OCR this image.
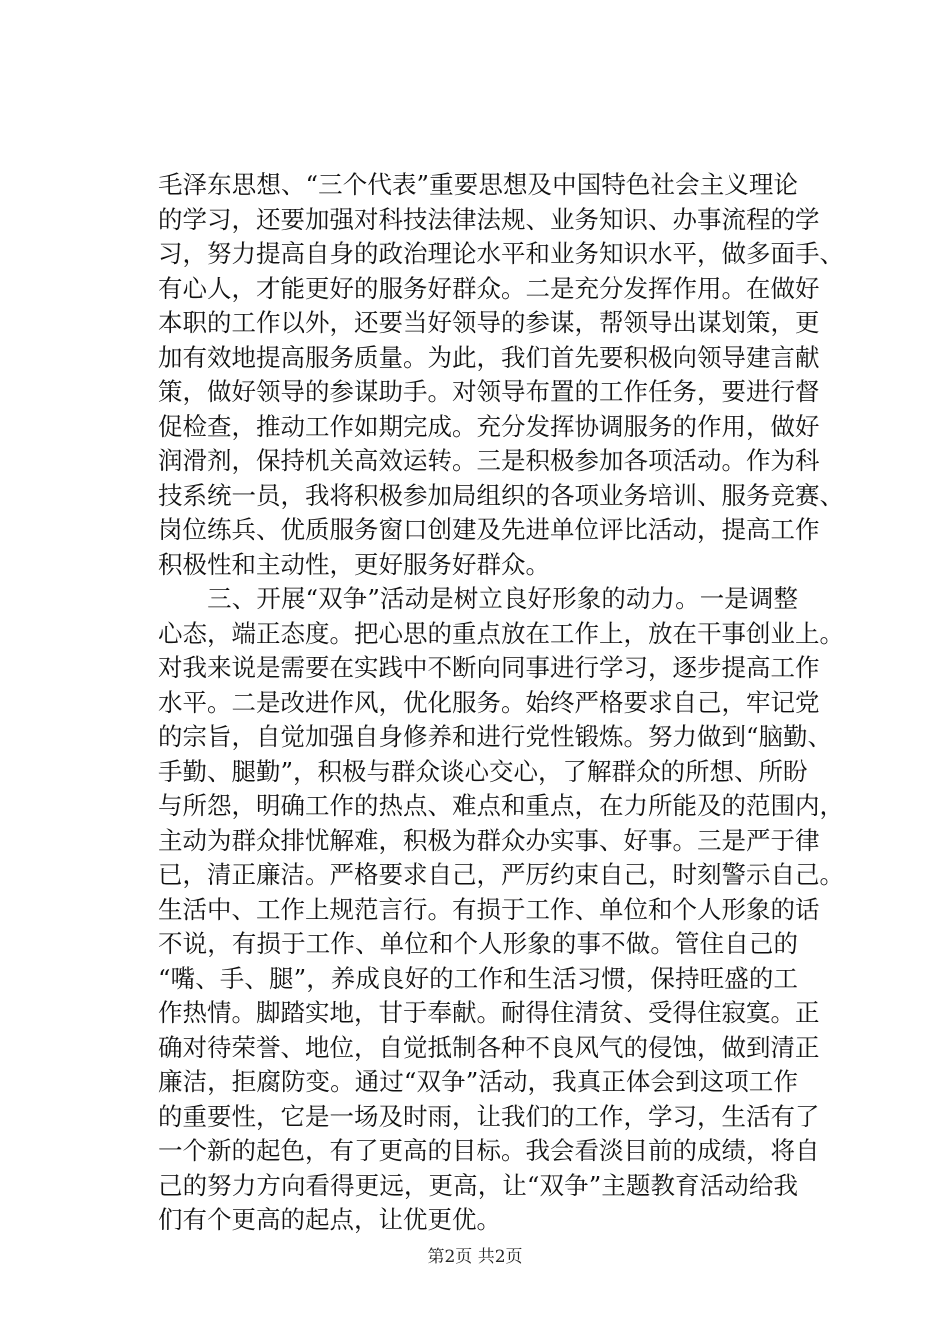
毛泽东思想、“三个代表”重要思想及中国特色社会主义理论
的学习，还要加强对科技法律法规、业务知识、办事流程的学
习，努力提高自身的政治理论水平和业务知识水平，做多面手、
有心人，才能更好的服务好群众。二是充分发挥作用。在做好
本职的工作以外，还要当好领导的参谋，帮领导出谋划策，更
加有效地提高服务质量。为此，我们首先要积极向领导建言献
策，做好领导的参谋助手。对领导布置的工作任务，要进行督
促检查，推动工作如期完成。充分发挥协调服务的作用，做好
润滑剂，保持机关高效运转。三是积极参加各项活动。作为科
技系统一员，我将积极参加局组织的各项业务培训、服务竞赛、
岗位练兵、优质服务窗口创建及先进单位评比活动，提高工作
积极性和主动性，更好服务好群众。
　　三、开展“双争”活动是树立良好形象的动力。一是调整
心态，端正态度。把心思的重点放在工作上，放在干事创业上。
对我来说是需要在实践中不断向同事进行学习，逐步提高工作
水平。二是改进作风，优化服务。始终严格要求自己，牢记党
的宗旨，自觉加强自身修养和进行党性锻炼。努力做到“脑勤、
手勤、腿勤”，积极与群众谈心交心，了解群众的所想、所盼
与所怨，明确工作的热点、难点和重点，在力所能及的范围内，
主动为群众排忧解难，积极为群众办实事、好事。三是严于律
已，清正廉洁。严格要求自己，严厉约束自己，时刻警示自己。
生活中、工作上规范言行。有损于工作、单位和个人形象的话
不说，有损于工作、单位和个人形象的事不做。管住自己的
“嘴、手、腿”，养成良好的工作和生活习惯，保持旺盛的工
作热情。脚踏实地，甘于奉献。耐得住清贫、受得住寂寞。正
确对待荣誉、地位，自觉抵制各种不良风气的侵蚀，做到清正
廉洁，拒腐防变。通过“双争”活动，我真正体会到这项工作
的重要性，它是一场及时雨，让我们的工作，学习，生活有了
一个新的起色，有了更高的目标。我会看淡目前的成绩，将自
己的努力方向看得更远，更高，让“双争”主题教育活动给我
们有个更高的起点，让优更优。
第2页 共2页
